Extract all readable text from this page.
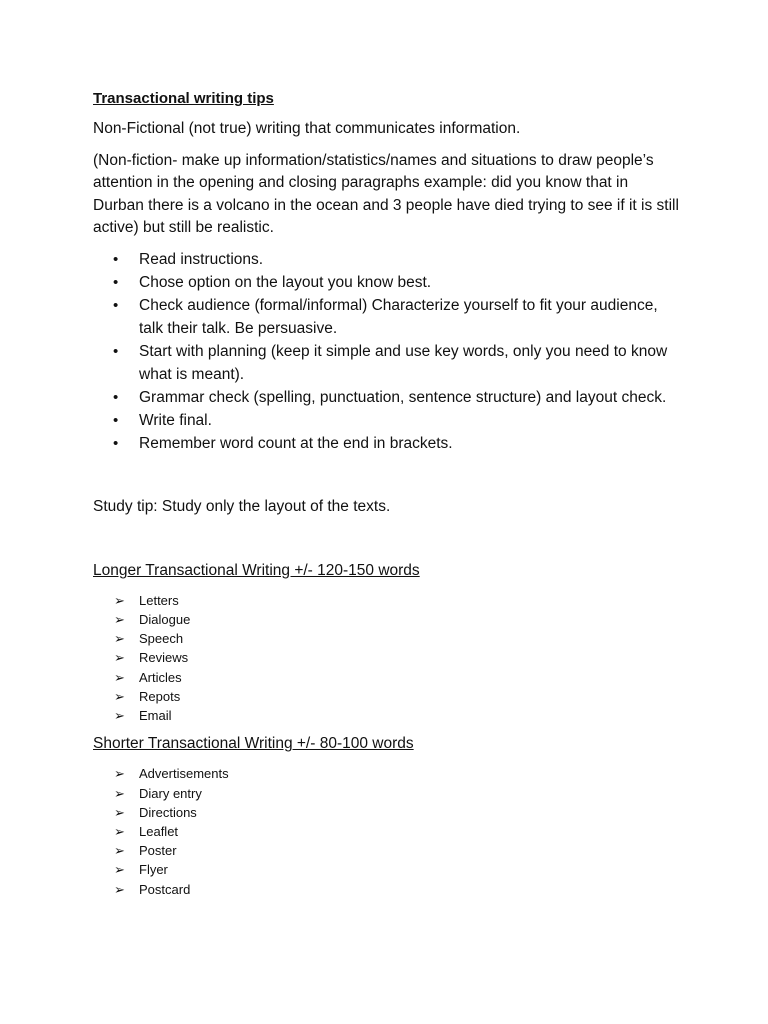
Transactional writing tips

Non-Fictional (not true) writing that communicates information.

(Non-fiction- make up information/statistics/names and situations to draw people’s attention in the opening and closing paragraphs example: did you know that in Durban there is a volcano in the ocean and 3 people have died trying to see if it is still active) but still be realistic.

• Read instructions.
• Chose option on the layout you know best.
• Check audience (formal/informal) Characterize yourself to fit your audience, talk their talk. Be persuasive.
• Start with planning (keep it simple and use key words, only you need to know what is meant).
• Grammar check (spelling, punctuation, sentence structure) and layout check.
• Write final.
• Remember word count at the end in brackets.

Study tip: Study only the layout of the texts.

Longer Transactional Writing +/- 120-150 words

➢ Letters
➢ Dialogue
➢ Speech
➢ Reviews
➢ Articles
➢ Repots
➢ Email

Shorter Transactional Writing +/- 80-100 words

➢ Advertisements
➢ Diary entry
➢ Directions
➢ Leaflet
➢ Poster
➢ Flyer
➢ Postcard
